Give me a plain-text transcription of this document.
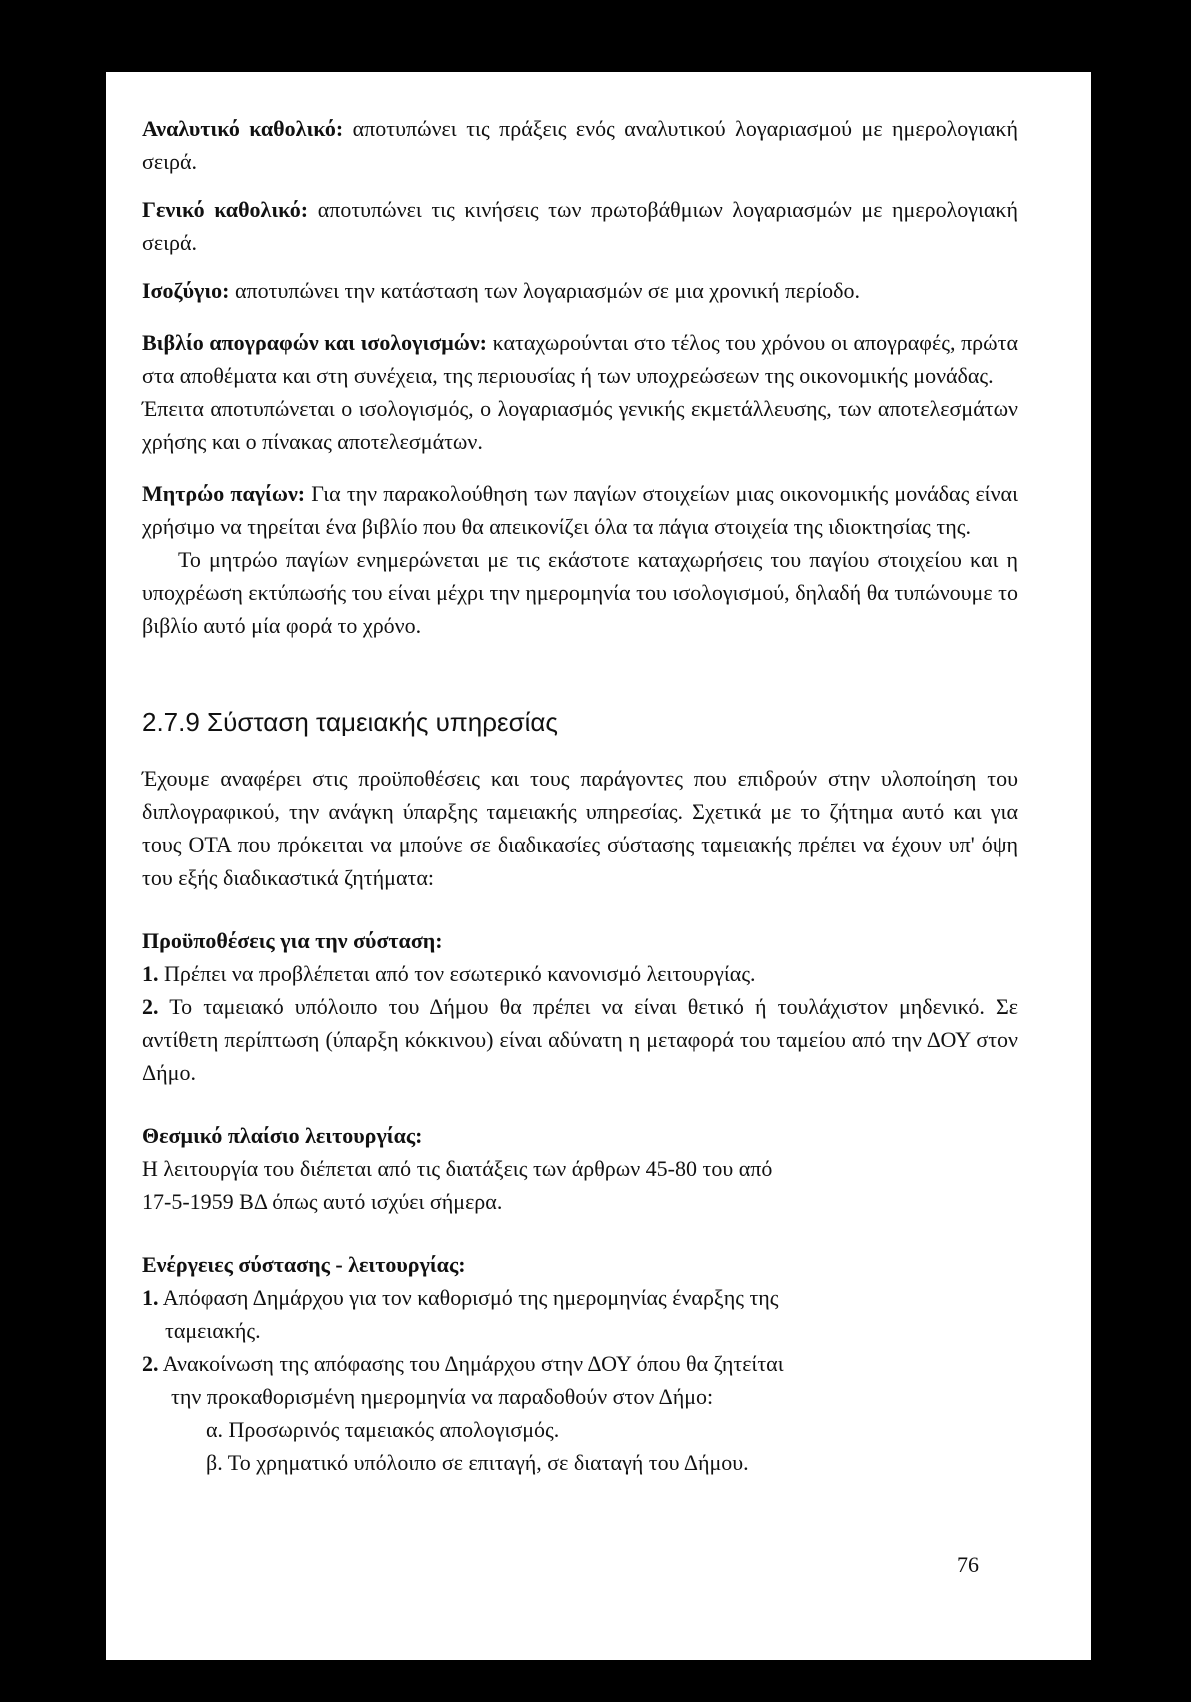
Αναλυτικό καθολικό: αποτυπώνει τις πράξεις ενός αναλυτικού λογαριασμού με ημερολογιακή σειρά.

Γενικό καθολικό: αποτυπώνει τις κινήσεις των πρωτοβάθμιων λογαριασμών με ημερολογιακή σειρά.

Ισοζύγιο: αποτυπώνει την κατάσταση των λογαριασμών σε μια χρονική περίοδο.

Βιβλίο απογραφών και ισολογισμών: καταχωρούνται στο τέλος του χρόνου οι απογραφές, πρώτα στα αποθέματα και στη συνέχεια, της περιουσίας ή των υποχρεώσεων της οικονομικής μονάδας.

Έπειτα αποτυπώνεται ο ισολογισμός, ο λογαριασμός γενικής εκμετάλλευσης, των αποτελεσμάτων χρήσης και ο πίνακας αποτελεσμάτων.

Μητρώο παγίων: Για την παρακολούθηση των παγίων στοιχείων μιας οικονομικής μονάδας είναι χρήσιμο να τηρείται ένα βιβλίο που θα απεικονίζει όλα τα πάγια στοιχεία της ιδιοκτησίας της.

Το μητρώο παγίων ενημερώνεται με τις εκάστοτε καταχωρήσεις του παγίου στοιχείου και η υποχρέωση εκτύπωσής του είναι μέχρι την ημερομηνία του ισολογισμού, δηλαδή θα τυπώνουμε το βιβλίο αυτό μία φορά το χρόνο.

2.7.9 Σύσταση ταμειακής υπηρεσίας

Έχουμε αναφέρει στις προϋποθέσεις και τους παράγοντες που επιδρούν στην υλοποίηση του διπλογραφικού, την ανάγκη ύπαρξης ταμειακής υπηρεσίας. Σχετικά με το ζήτημα αυτό και για τους ΟΤΑ που πρόκειται να μπούνε σε διαδικασίες σύστασης ταμειακής πρέπει να έχουν υπ' όψη του εξής διαδικαστικά ζητήματα:

Προϋποθέσεις για την σύσταση:

1. Πρέπει να προβλέπεται από τον εσωτερικό κανονισμό λειτουργίας.

2. Το ταμειακό υπόλοιπο του Δήμου θα πρέπει να είναι θετικό ή τουλάχιστον μηδενικό. Σε αντίθετη περίπτωση (ύπαρξη κόκκινου) είναι αδύνατη η μεταφορά του ταμείου από την ΔΟΥ στον Δήμο.

Θεσμικό πλαίσιο λειτουργίας:

Η λειτουργία του διέπεται από τις διατάξεις των άρθρων 45-80 του από

17-5-1959 ΒΔ όπως αυτό ισχύει σήμερα.

Ενέργειες σύστασης - λειτουργίας:

1. Απόφαση Δημάρχου για τον καθορισμό της ημερομηνίας έναρξης της ταμειακής.

2. Ανακοίνωση της απόφασης του Δημάρχου στην ΔΟΥ όπου θα ζητείται

την προκαθορισμένη ημερομηνία να παραδοθούν στον Δήμο:

α. Προσωρινός ταμειακός απολογισμός.

β. Το χρηματικό υπόλοιπο σε επιταγή, σε διαταγή του Δήμου.

76
